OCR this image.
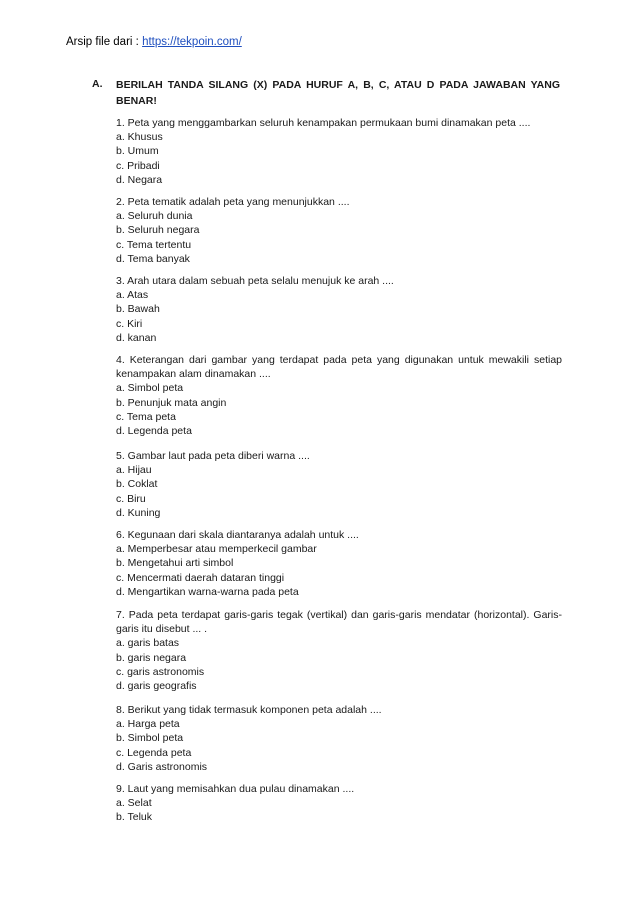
Arsip file dari : https://tekpoin.com/
A. BERILAH TANDA SILANG (X) PADA HURUF A, B, C, ATAU D PADA JAWABAN YANG BENAR!
1. Peta yang menggambarkan seluruh kenampakan permukaan bumi dinamakan peta ....
a. Khusus
b. Umum
c. Pribadi
d. Negara
2. Peta tematik adalah peta yang menunjukkan ....
a. Seluruh dunia
b. Seluruh negara
c. Tema tertentu
d. Tema banyak
3. Arah utara dalam sebuah peta selalu menujuk ke arah ....
a. Atas
b. Bawah
c. Kiri
d. kanan
4. Keterangan dari gambar yang terdapat pada peta yang digunakan untuk mewakili setiap kenampakan alam dinamakan ....
a. Simbol peta
b. Penunjuk mata angin
c. Tema peta
d. Legenda peta
5. Gambar laut pada peta diberi warna ....
a. Hijau
b. Coklat
c. Biru
d. Kuning
6. Kegunaan dari skala diantaranya adalah untuk ....
a. Memperbesar atau memperkecil gambar
b. Mengetahui arti simbol
c. Mencermati daerah dataran tinggi
d. Mengartikan warna-warna pada peta
7. Pada peta terdapat garis-garis tegak (vertikal) dan garis-garis mendatar (horizontal). Garis-garis itu disebut ... .
a. garis batas
b. garis negara
c. garis astronomis
d. garis geografis
8. Berikut yang tidak termasuk komponen peta adalah ....
a. Harga peta
b. Simbol peta
c. Legenda peta
d. Garis astronomis
9. Laut yang memisahkan dua pulau dinamakan ....
a. Selat
b. Teluk
